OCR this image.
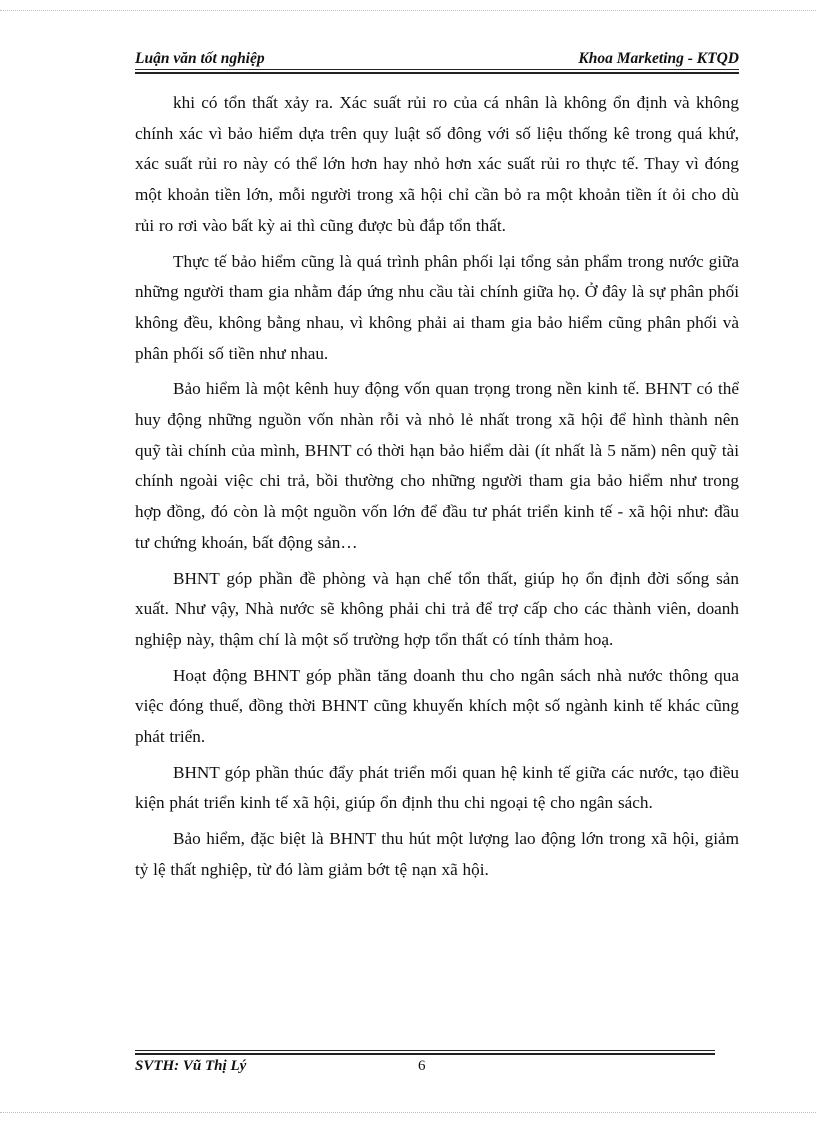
Luận văn tốt nghiệp	Khoa Marketing - KTQD

khi có tổn thất xảy ra. Xác suất rủi ro của cá nhân là không ổn định và không chính xác vì bảo hiểm dựa trên quy luật số đông với số liệu thống kê trong quá khứ, xác suất rủi ro này có thể lớn hơn hay nhỏ hơn xác suất rủi ro thực tế. Thay vì đóng một khoản tiền lớn, mỗi người trong xã hội chỉ cần bỏ ra một khoản tiền ít ỏi cho dù rủi ro rơi vào bất kỳ ai thì cũng được bù đắp tổn thất.

Thực tế bảo hiểm cũng là quá trình phân phối lại tổng sản phẩm trong nước giữa những người tham gia nhằm đáp ứng nhu cầu tài chính giữa họ. Ở đây là sự phân phối không đều, không bằng nhau, vì không phải ai tham gia bảo hiểm cũng phân phối và phân phối số tiền như nhau.

Bảo hiểm là một kênh huy động vốn quan trọng trong nền kinh tế. BHNT có thể huy động những nguồn vốn nhàn rỗi và nhỏ lẻ nhất trong xã hội để hình thành nên quỹ tài chính của mình, BHNT có thời hạn bảo hiểm dài (ít nhất là 5 năm) nên quỹ tài chính ngoài việc chi trả, bồi thường cho những người tham gia bảo hiểm như trong hợp đồng, đó còn là một nguồn vốn lớn để đầu tư phát triển kinh tế - xã hội như: đầu tư chứng khoán, bất động sản…

BHNT góp phần đề phòng và hạn chế tổn thất, giúp họ ổn định đời sống sản xuất. Như vậy, Nhà nước sẽ không phải chi trả để trợ cấp cho các thành viên, doanh nghiệp này, thậm chí là một số trường hợp tổn thất có tính thảm hoạ.

Hoạt động BHNT góp phần tăng doanh thu cho ngân sách nhà nước thông qua việc đóng thuế, đồng thời BHNT cũng khuyến khích một số ngành kinh tế khác cũng phát triển.

BHNT góp phần thúc đẩy phát triển mối quan hệ kinh tế giữa các nước, tạo điều kiện phát triển kinh tế xã hội, giúp ổn định thu chi ngoại tệ cho ngân sách.

Bảo hiểm, đặc biệt là BHNT thu hút một lượng lao động lớn trong xã hội, giảm tỷ lệ thất nghiệp, từ đó làm giảm bớt tệ nạn xã hội.

SVTH: Vũ Thị Lý	6
